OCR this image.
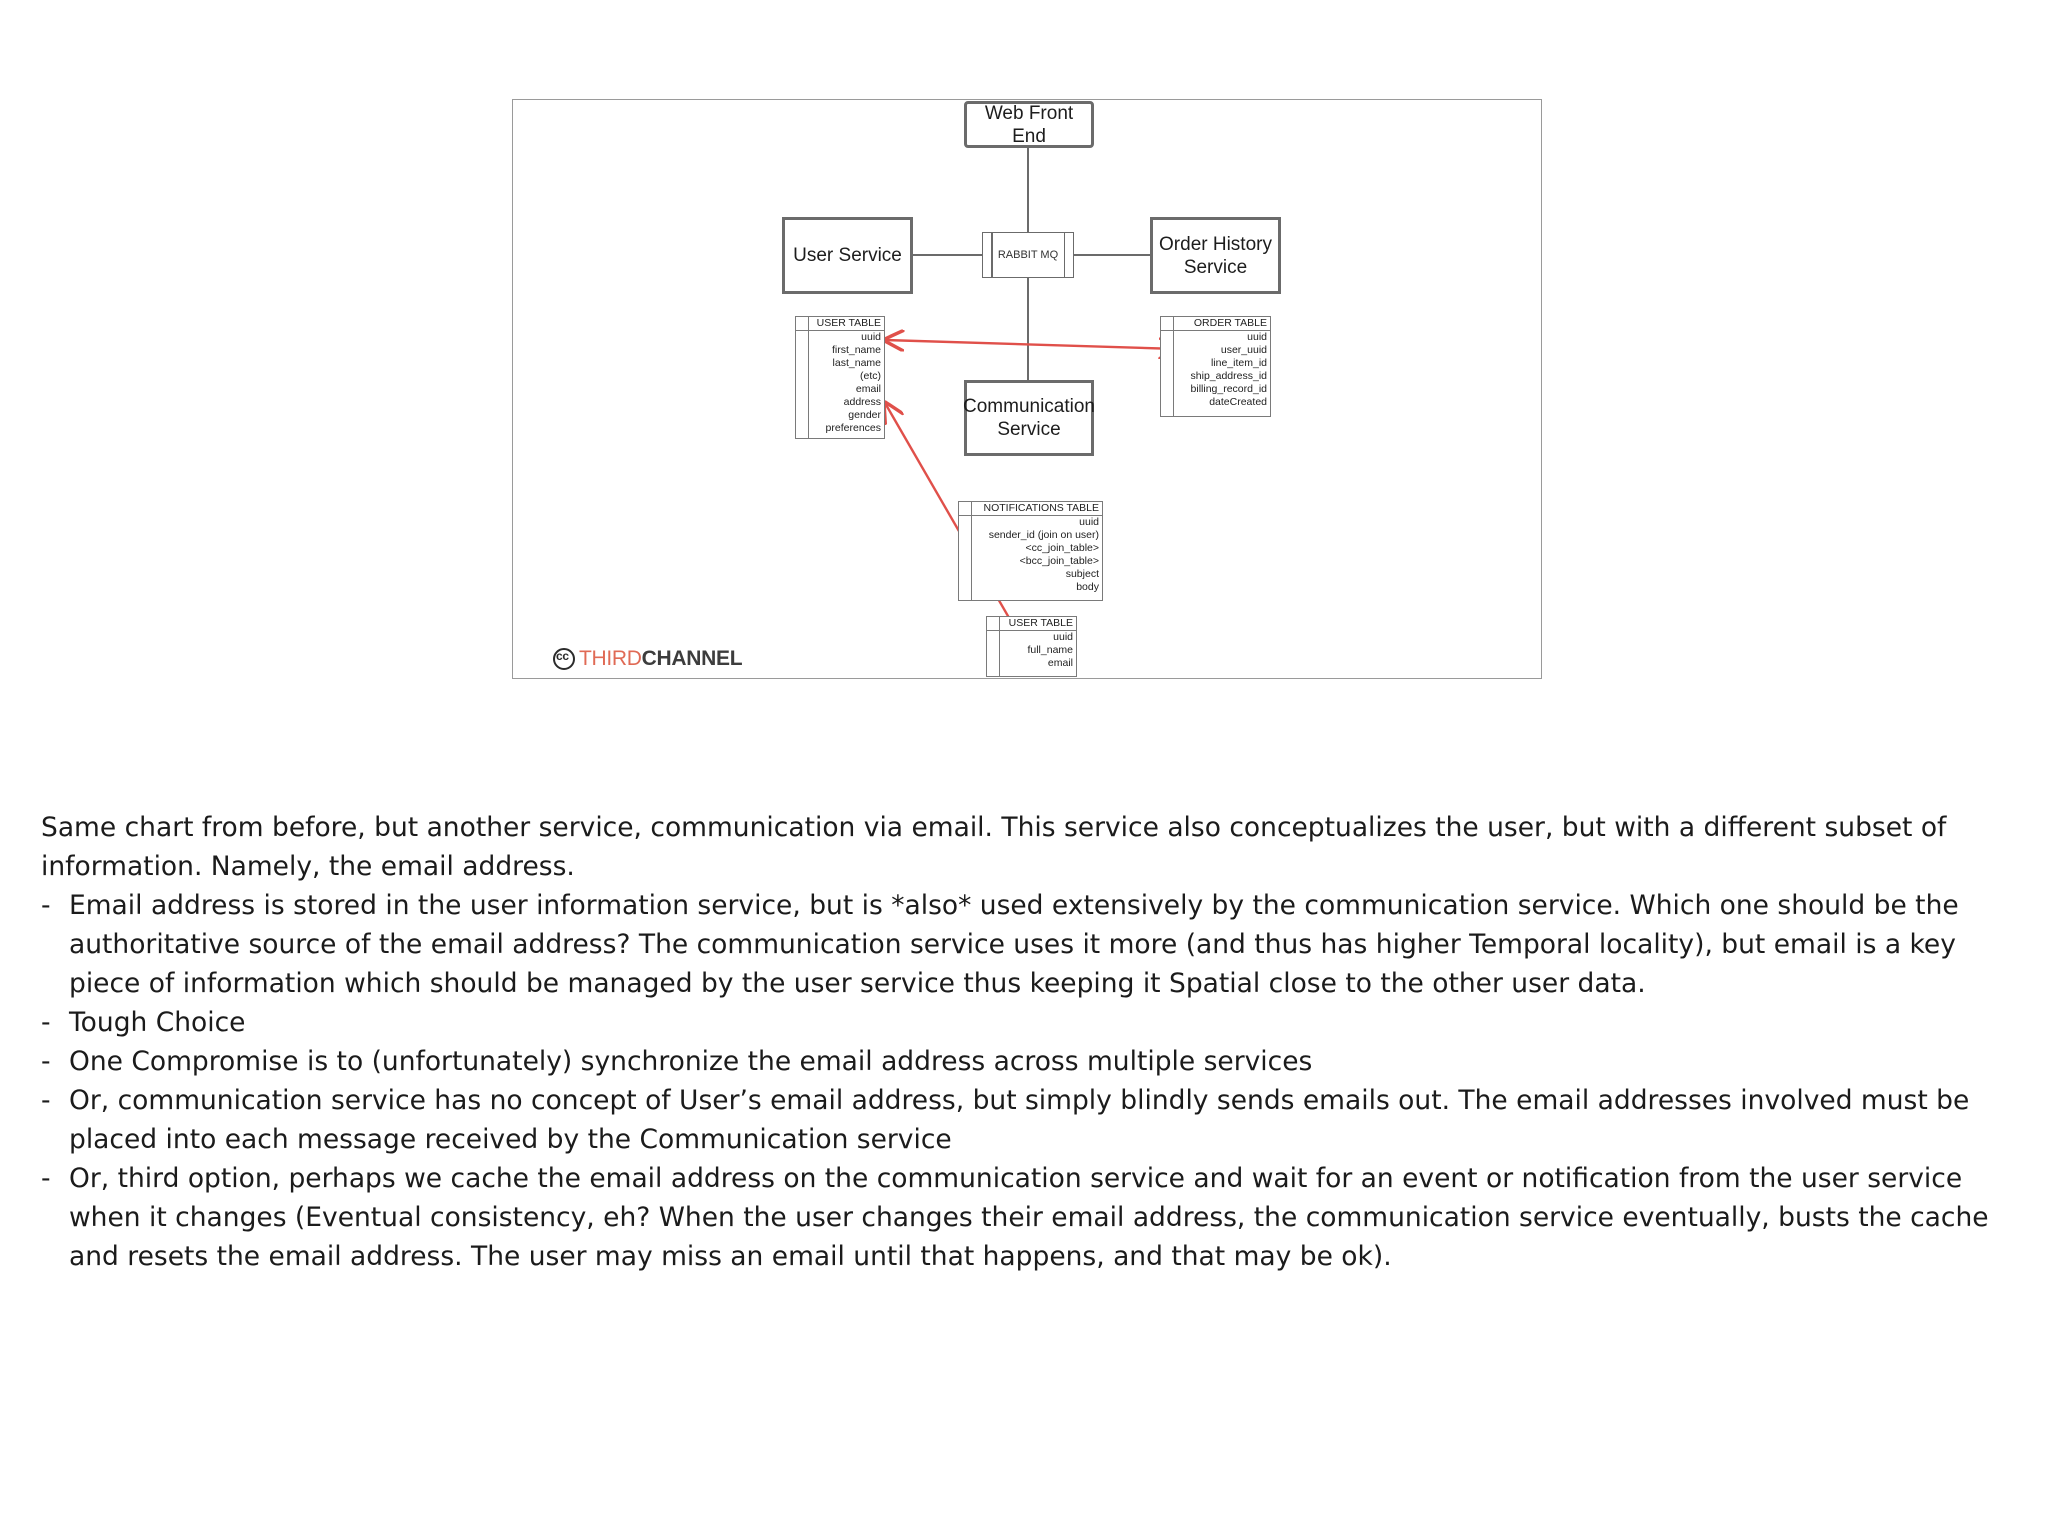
Web Front End
User Service	RABBIT MQ
Order History
Service
Communication
Service
USER TABLE
uuid
first_name
last_name
(etc)
email
address
gender
preferences
ORDER TABLE
uuid
user_uuid
line_item_id
ship_address_id
billing_record_id
dateCreated
NOTIFICATIONS TABLE
uuid
sender_id (join on user)
<cc_join_table>
<bcc_join_table>
subject
body
USER TABLE
uuid
full_name
email
cc
THIRD CHANNEL

Same chart from before, but another service, communication via email. This service also conceptualizes the user, but with a different subset of information. Namely, the email address.

- Email address is stored in the user information service, but is *also* used extensively by the communication service. Which one should be the authoritative source of the email address? The communication service uses it more (and thus has higher Temporal locality), but email is a key piece of information which should be managed by the user service thus keeping it Spatial close to the other user data.
- Tough Choice
- One Compromise is to (unfortunately) synchronize the email address across multiple services
- Or, communication service has no concept of User’s email address, but simply blindly sends emails out. The email addresses involved must be placed into each message received by the Communication service
- Or, third option, perhaps we cache the email address on the communication service and wait for an event or notification from the user service when it changes (Eventual consistency, eh? When the user changes their email address, the communication service eventually, busts the cache and resets the email address. The user may miss an email until that happens, and that may be ok).
